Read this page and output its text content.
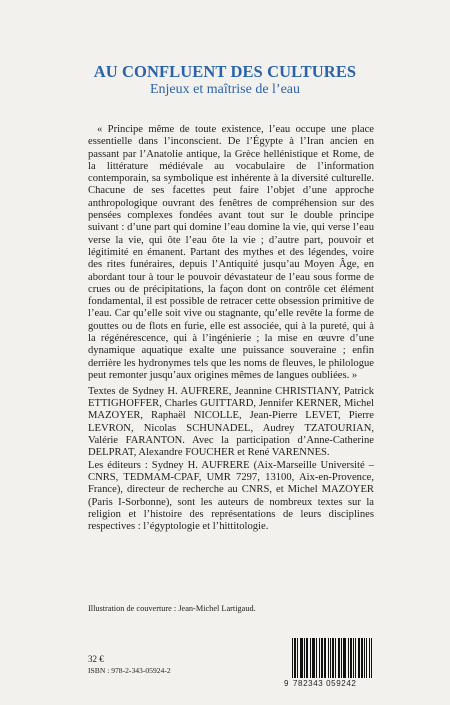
AU CONFLUENT DES CULTURES
Enjeux et maîtrise de l’eau

« Principe même de toute existence, l’eau occupe une place essentielle dans l’inconscient. De l’Égypte à l’Iran ancien en passant par l’Anatolie antique, la Grèce hellénistique et Rome, de la littérature médiévale au vocabulaire de l’information contemporain, sa symbolique est inhérente à la diversité culturelle. Chacune de ses facettes peut faire l’objet d’une approche anthropologique ouvrant des fenêtres de compréhension sur des pensées complexes fondées avant tout sur le double principe suivant : d’une part qui domine l’eau domine la vie, qui verse l’eau verse la vie, qui ôte l’eau ôte la vie ; d’autre part, pouvoir et légitimité en émanent. Partant des mythes et des légendes, voire des rites funéraires, depuis l’Antiquité jusqu’au Moyen Âge, en abordant tour à tour le pouvoir dévastateur de l’eau sous forme de crues ou de précipitations, la façon dont on contrôle cet élément fondamental, il est possible de retracer cette obsession primitive de l’eau. Car qu’elle soit vive ou stagnante, qu’elle revête la forme de gouttes ou de flots en furie, elle est associée, qui à la pureté, qui à la régénérescence, qui à l’ingénierie ; la mise en œuvre d’une dynamique aquatique exalte une puissance souveraine ; enfin derrière les hydronymes tels que les noms de fleuves, le philologue peut remonter jusqu’aux origines mêmes de langues oubliées. »

Textes de Sydney H. AUFRERE, Jeannine CHRISTIANY, Patrick ETTIGHOFFER, Charles GUITTARD, Jennifer KERNER, Michel MAZOYER, Raphaël NICOLLE, Jean-Pierre LEVET, Pierre LEVRON, Nicolas SCHUNADEL, Audrey TZATOURIAN, Valérie FARANTON. Avec la participation d’Anne-Catherine DELPRAT, Alexandre FOUCHER et René VARENNES.

Les éditeurs : Sydney H. AUFRERE (Aix-Marseille Université – CNRS, TEDMAM-CPAF, UMR 7297, 13100, Aix-en-Provence, France), directeur de recherche au CNRS, et Michel MAZOYER (Paris I-Sorbonne), sont les auteurs de nombreux textes sur la religion et l’histoire des représentations de leurs disciplines respectives : l’égyptologie et l’hittitologie.

Illustration de couverture : Jean-Michel Lartigaud.
32 €
ISBN : 978-2-343-05924-2
9 782343 059242
